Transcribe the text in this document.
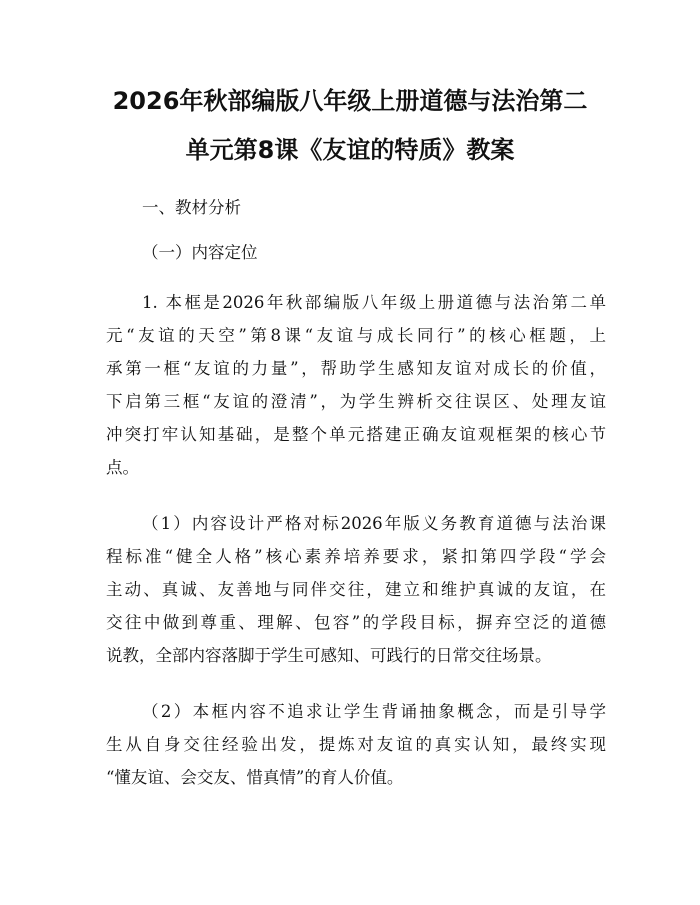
2026年秋部编版八年级上册道德与法治第二
单元第8课《友谊的特质》教案
一、教材分析
（一）内容定位
1. 本框是2026年秋部编版八年级上册道德与法治第二单
元“友谊的天空”第8课“友谊与成长同行”的核心框题，上
承第一框“友谊的力量”，帮助学生感知友谊对成长的价值，
下启第三框“友谊的澄清”，为学生辨析交往误区、处理友谊
冲突打牢认知基础，是整个单元搭建正确友谊观框架的核心节
点。
（1）内容设计严格对标2026年版义务教育道德与法治课
程标准“健全人格”核心素养培养要求，紧扣第四学段“学会
主动、真诚、友善地与同伴交往，建立和维护真诚的友谊，在
交往中做到尊重、理解、包容”的学段目标，摒弃空泛的道德
说教，全部内容落脚于学生可感知、可践行的日常交往场景。
（2）本框内容不追求让学生背诵抽象概念，而是引导学
生从自身交往经验出发，提炼对友谊的真实认知，最终实现
“懂友谊、会交友、惜真情”的育人价值。
